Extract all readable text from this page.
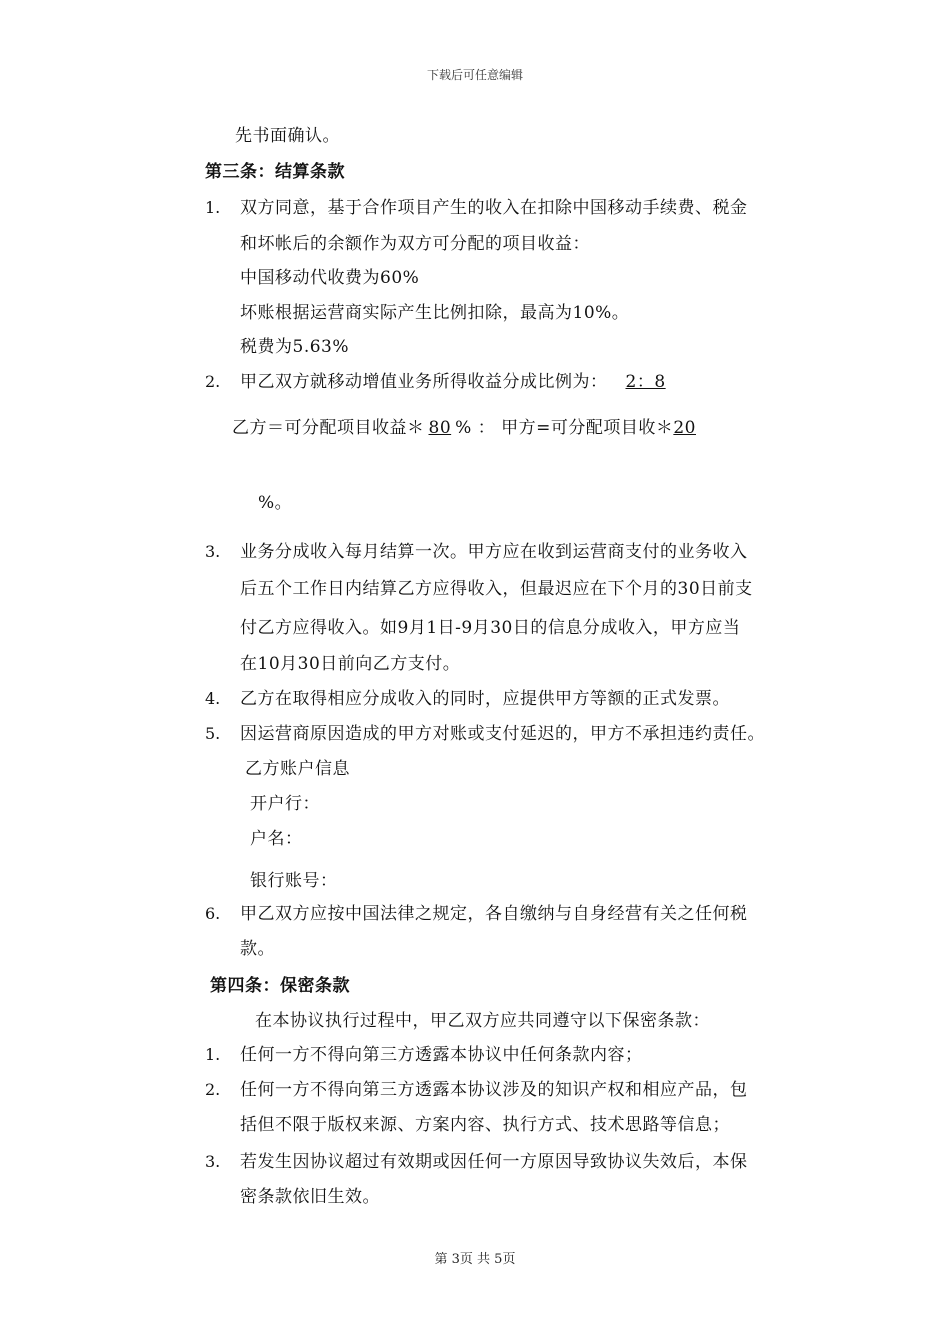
下载后可任意编辑
先书面确认。
第三条：结算条款
1. 双方同意，基于合作项目产生的收入在扣除中国移动手续费、税金
和坏帐后的余额作为双方可分配的项目收益：
中国移动代收费为60%
坏账根据运营商实际产生比例扣除，最高为10%。
税费为5.63%
2. 甲乙双方就移动增值业务所得收益分成比例为：2：8
乙方＝可分配项目收益＊80% ： 甲方=可分配项目收＊20
%。
3. 业务分成收入每月结算一次。甲方应在收到运营商支付的业务收入
后五个工作日内结算乙方应得收入，但最迟应在下个月的30日前支
付乙方应得收入。如9月1日-9月30日的信息分成收入，甲方应当
在10月30日前向乙方支付。
4. 乙方在取得相应分成收入的同时，应提供甲方等额的正式发票。
5. 因运营商原因造成的甲方对账或支付延迟的，甲方不承担违约责任。
乙方账户信息
开户行：
户名：
银行账号：
6. 甲乙双方应按中国法律之规定，各自缴纳与自身经营有关之任何税
款。
第四条：保密条款
在本协议执行过程中，甲乙双方应共同遵守以下保密条款：
1. 任何一方不得向第三方透露本协议中任何条款内容；
2. 任何一方不得向第三方透露本协议涉及的知识产权和相应产品，包
括但不限于版权来源、方案内容、执行方式、技术思路等信息；
3. 若发生因协议超过有效期或因任何一方原因导致协议失效后，本保
密条款依旧生效。
第 3页 共 5页
